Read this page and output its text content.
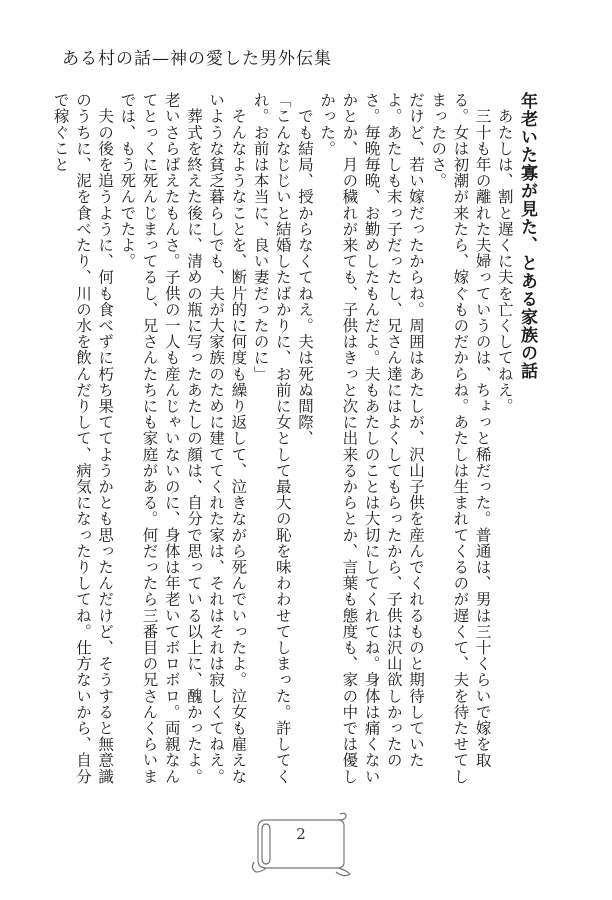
ある村の話—神の愛した男外伝集

年老いた寡が見た、とある家族の話

　あたしは、割と遅くに夫を亡くしてねえ。

　三十も年の離れた夫婦っていうのは、ちょっと稀だった。普通は、男は三十くらいで嫁を取る。女は初潮が来たら、嫁ぐものだからね。あたしは生まれてくるのが遅くて、夫を待たせてしまったのさ。

だけど、若い嫁だったからね。周囲はあたしが、沢山子供を産んでくれるものと期待していたよ。あたしも末っ子だったし、兄さん達にはよくしてもらったから、子供は沢山欲しかったのさ。毎晩毎晩、お勤めしたもんだよ。夫もあたしのことは大切にしてくれてね。身体は痛くないかとか、月の穢れが来ても、子供はきっと次に出来るからとか、言葉も態度も、家の中では優しかった。

　でも結局、授からなくてねえ。夫は死ぬ間際、

「こんなじじいと結婚したばかりに、お前に女として最大の恥を味わわせてしまった。許してくれ。お前は本当に、良い妻だったのに」

　そんなようなことを、断片的に何度も繰り返して、泣きながら死んでいったよ。泣女も雇えないような貧乏暮らしでも、夫が大家族のために建ててくれた家は、それはそれは寂しくてねえ。

　葬式を終えた後に、清めの瓶に写ったあたしの顔は、自分で思っている以上に、醜かったよ。老いさらばえたもんさ。子供の一人も産んじゃいないのに、身体は年老いてボロボロ。両親なんてとっくに死んじまってるし、兄さんたちにも家庭がある。何だったら三番目の兄さんくらいまでは、もう死んでたよ。

　夫の後を追うように、何も食べずに朽ち果ててようかとも思ったんだけど、そうすると無意識のうちに、泥を食べたり、川の水を飲んだりして、病気になったりしてね。仕方ないから、自分で稼ぐこと

2
